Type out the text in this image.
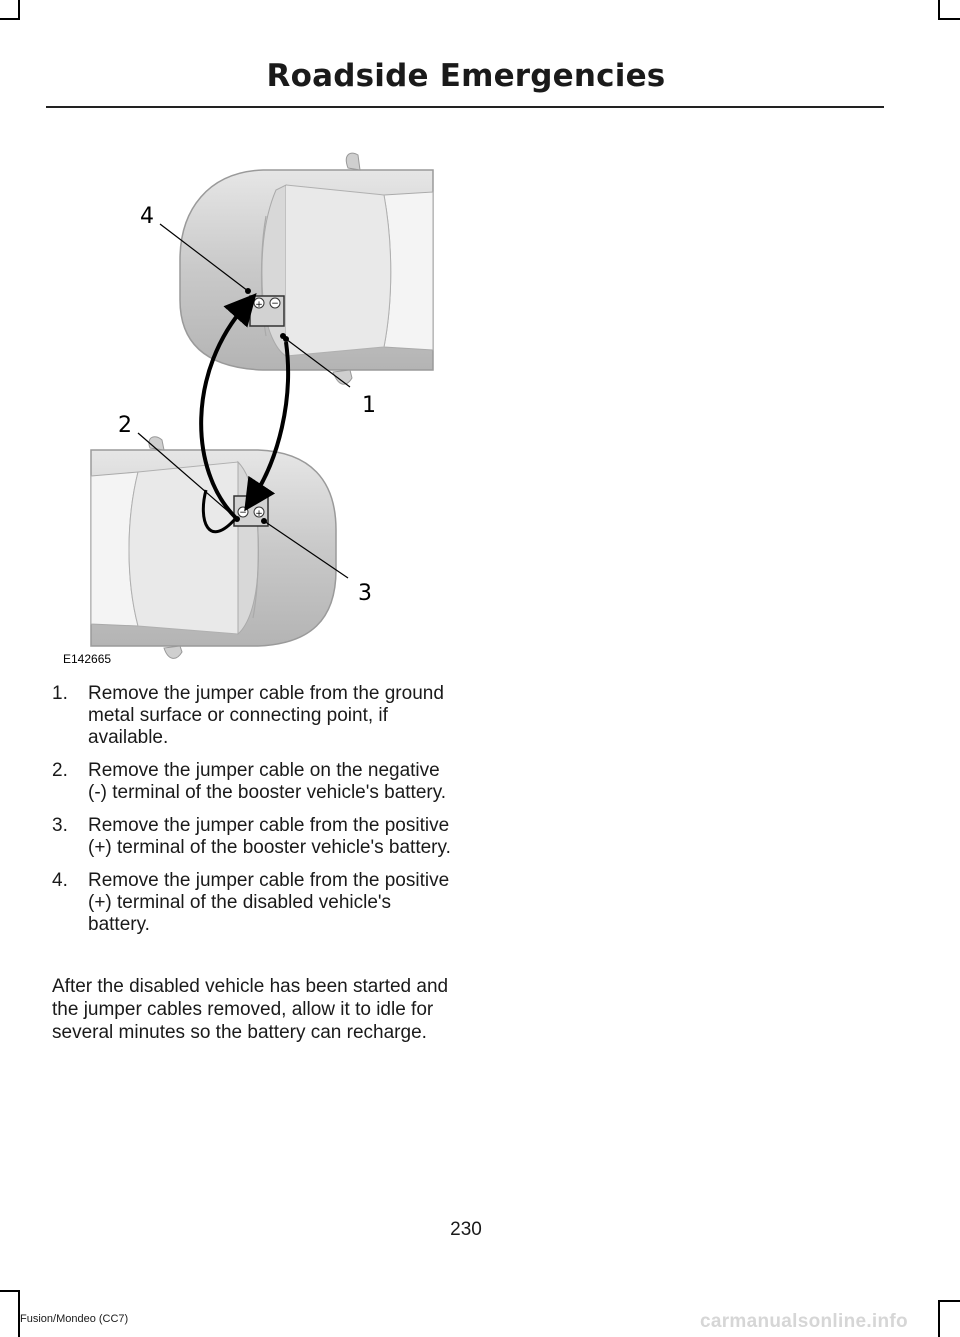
Roadside Emergencies
+ −
− +
4
1
2
3
E142665
1. Remove the jumper cable from the ground metal surface or connecting point, if available.
2. Remove the jumper cable on the negative (-) terminal of the booster vehicle's battery.
3. Remove the jumper cable from the positive (+) terminal of the booster vehicle's battery.
4. Remove the jumper cable from the positive (+) terminal of the disabled vehicle's battery.

After the disabled vehicle has been started and the jumper cables removed, allow it to idle for several minutes so the battery can recharge.

230
Fusion/Mondeo (CC7)	carmanualsonline.info
